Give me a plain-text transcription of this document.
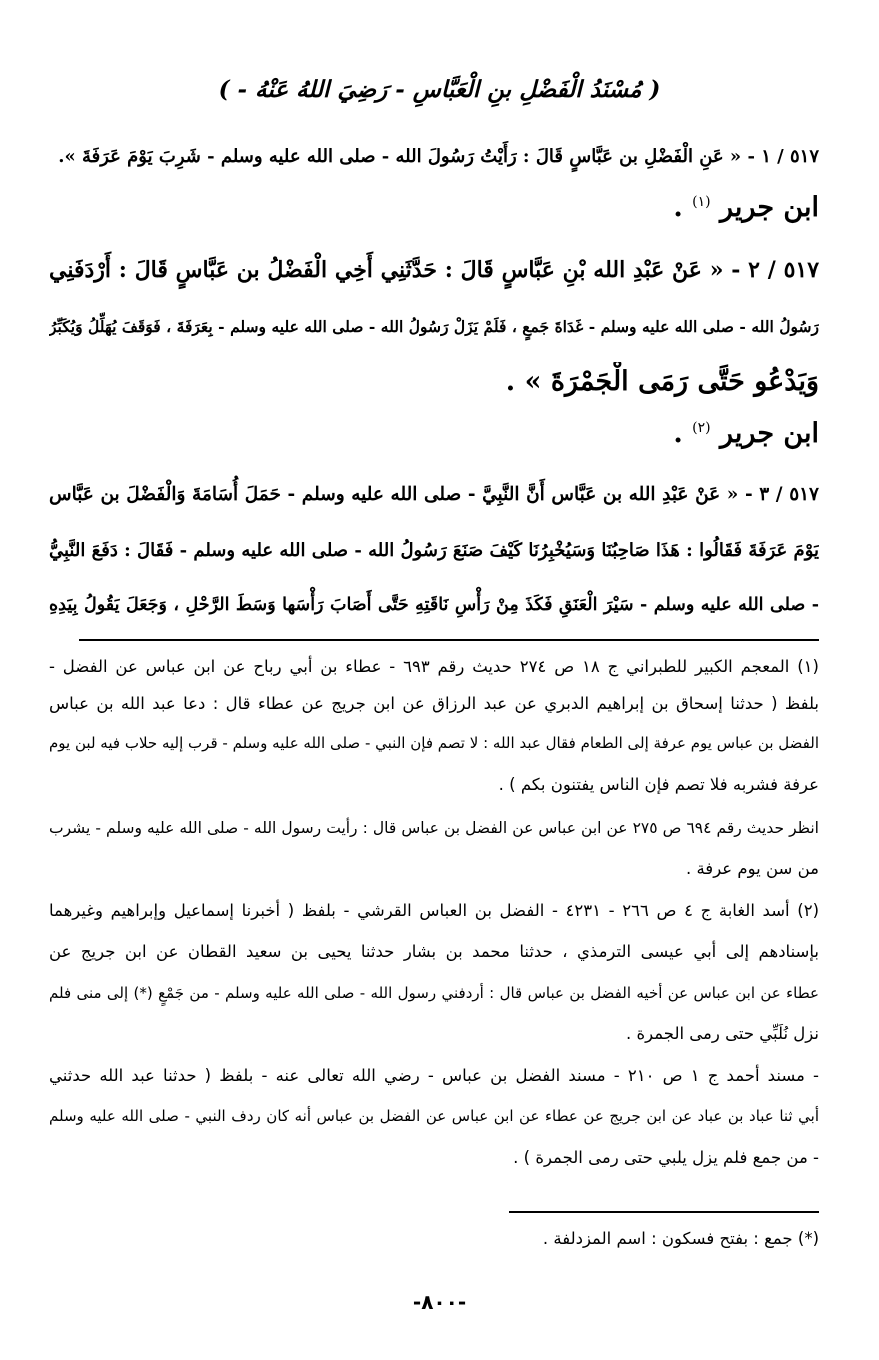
( مُسْنَدُ الْفَضْلِ بنِ الْعَبَّاسِ - رَضِيَ اللهُ عَنْهُ - )
٥١٧ / ١ - « عَنِ الْفَضْلِ بن عَبَّاسٍ قَالَ : رَأَيْتُ رَسُولَ الله - صلى الله عليه وسلم - شَرِبَ يَوْمَ عَرَفَةَ ».
ابن جرير $^{(١)}$ .
٥١٧ / ٢ - « عَنْ عَبْدِ الله بْنِ عَبَّاسٍ قَالَ : حَدَّثَنِي أَخِي الْفَضْلُ بن عَبَّاسٍ قَالَ : أَرْدَفَنِي
رَسُولُ الله - صلى الله عليه وسلم - غَدَاةَ جَمعٍ ، فَلَمْ يَزَلْ رَسُولُ الله - صلى الله عليه وسلم - بِعَرَفَةَ ، فَوَقَفَ يُهَلِّلُ وَيُكَبِّرُ
وَيَدْعُو حَتَّى رَمَى الْجَمْرَةَ » .
ابن جرير $^{(٢)}$ .
٥١٧ / ٣ - « عَنْ عَبْدِ الله بن عَبَّاس أَنَّ النَّبِيَّ - صلى الله عليه وسلم - حَمَلَ أُسَامَةَ وَالْفَضْلَ بن عَبَّاس
يَوْمَ عَرَفَةَ فَقَالُوا : هَذَا صَاحِبُنَا وَسَيُخْبِرُنَا كَيْفَ صَنَعَ رَسُولُ الله - صلى الله عليه وسلم - فَقَالَ : دَفَعَ النَّبِيُّ
- صلى الله عليه وسلم - سَيْرَ الْعَنَقِ فَكَذَ مِنْ رَأْسِ نَاقَتِهِ حَتَّى أَصَابَ رَأْسَها وَسَطَ الرَّحْلِ ، وَجَعَلَ يَقُولُ بِيَدِهِ
(١) المعجم الكبير للطبراني ج ١٨ ص ٢٧٤ حديث رقم ٦٩٣ - عطاء بن أبي رباح عن ابن عباس عن الفضل -
بلفظ ( حدثنا إسحاق بن إبراهيم الدبري عن عبد الرزاق عن ابن جريج عن عطاء قال : دعا عبد الله بن عباس
الفضل بن عباس يوم عرفة إلى الطعام فقال عبد الله : لا تصم فإن النبي - صلى الله عليه وسلم - قرب إليه حلاب فيه لبن يوم
عرفة فشربه فلا تصم فإن الناس يفتنون بكم ) .
انظر حديث رقم ٦٩٤ ص ٢٧٥ عن ابن عباس عن الفضل بن عباس قال : رأيت رسول الله - صلى الله عليه وسلم - يشرب
من سن يوم عرفة .
(٢) أسد الغابة ج ٤ ص ٢٦٦ - ٤٢٣١ - الفضل بن العباس القرشي - بلفظ ( أخبرنا إسماعيل وإبراهيم وغيرهما
بإسنادهم إلى أبي عيسى الترمذي ، حدثنا محمد بن بشار حدثنا يحيى بن سعيد القطان عن ابن جريج عن
عطاء عن ابن عباس عن أخيه الفضل بن عباس قال : أردفني رسول الله - صلى الله عليه وسلم - من جَمْعٍ (*) إلى منى فلم
نزل نُلَبِّي حتى رمى الجمرة .
- مسند أحمد ج ١ ص ٢١٠ - مسند الفضل بن عباس - رضي الله تعالى عنه - بلفظ ( حدثنا عبد الله حدثني
أبي ثنا عباد بن عباد عن ابن جريج عن عطاء عن ابن عباس عن الفضل بن عباس أنه كان ردف النبي - صلى الله عليه وسلم
- من جمع فلم يزل يلبي حتى رمى الجمرة ) .
(*) جمع : بفتح فسكون : اسم المزدلفة .
-٨٠٠-
